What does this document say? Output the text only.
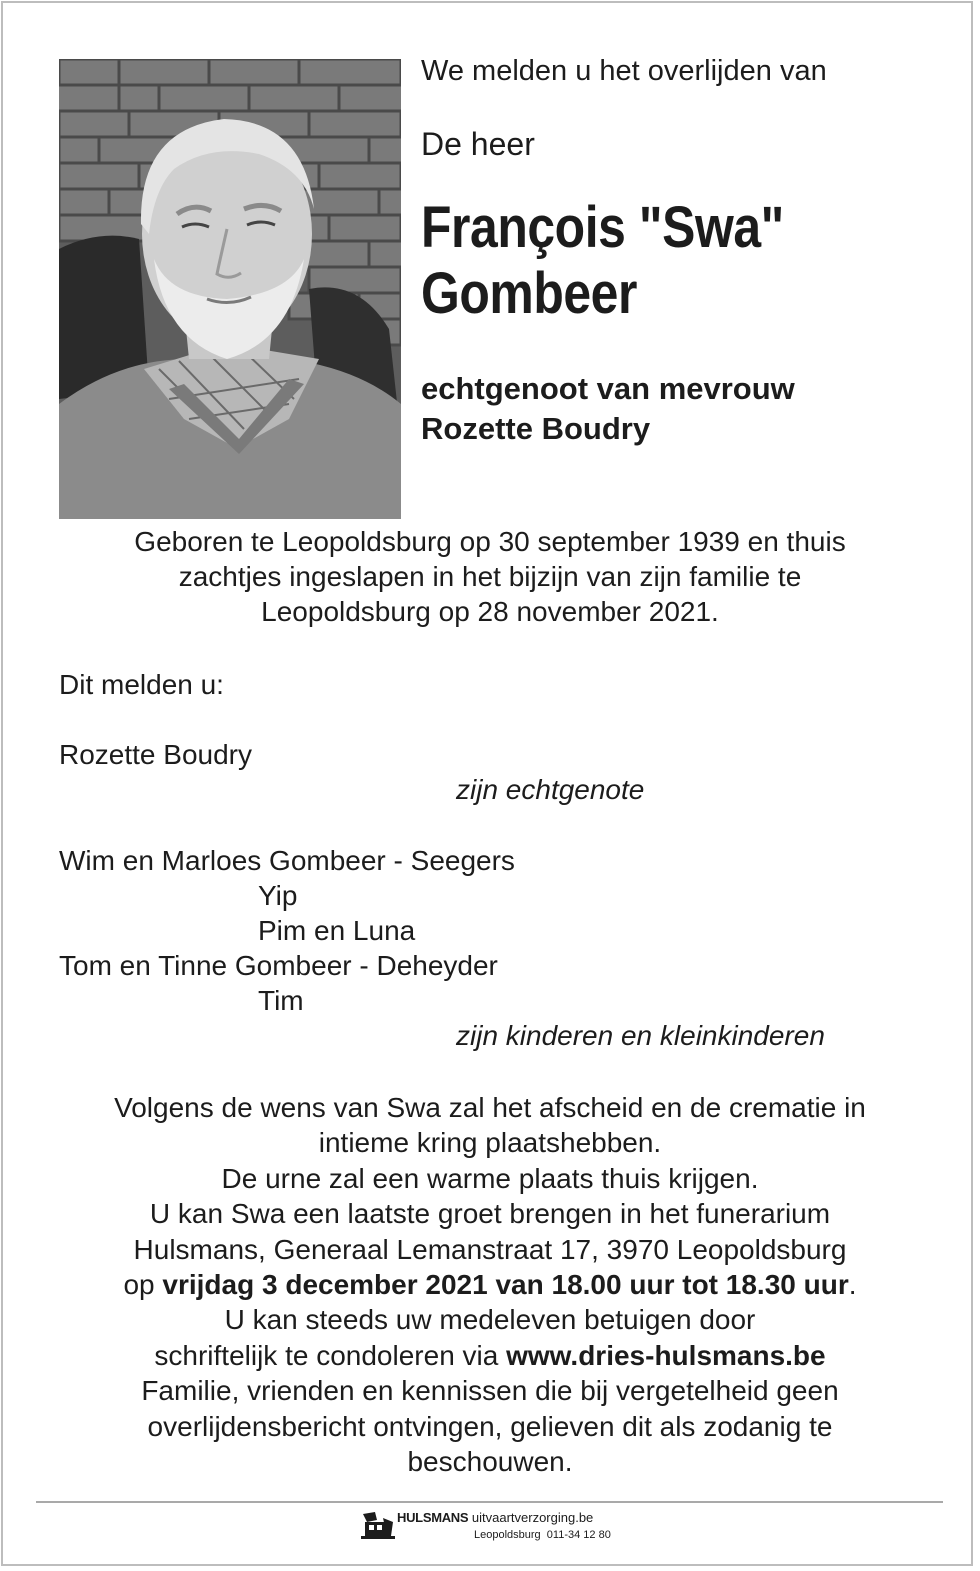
We melden u het overlijden van
De heer
François "Swa"
Gombeer
echtgenoot van mevrouw
Rozette Boudry
Geboren te Leopoldsburg op 30 september 1939 en thuis
zachtjes ingeslapen in het bijzijn van zijn familie te
Leopoldsburg op 28 november 2021.
Dit melden u:
Rozette Boudry
zijn echtgenote
Wim en Marloes Gombeer - Seegers
Yip
Pim en Luna
Tom en Tinne Gombeer - Deheyder
Tim
zijn kinderen en kleinkinderen
Volgens de wens van Swa zal het afscheid en de crematie in
intieme kring plaatshebben.
De urne zal een warme plaats thuis krijgen.
U kan Swa een laatste groet brengen in het funerarium
Hulsmans, Generaal Lemanstraat 17, 3970 Leopoldsburg
op vrijdag 3 december 2021 van 18.00 uur tot 18.30 uur.
U kan steeds uw medeleven betuigen door
schriftelijk te condoleren via www.dries-hulsmans.be
Familie, vrienden en kennissen die bij vergetelheid geen
overlijdensbericht ontvingen, gelieven dit als zodanig te
beschouwen.
HULSMANS uitvaartverzorging.be
Leopoldsburg 011-34 12 80
